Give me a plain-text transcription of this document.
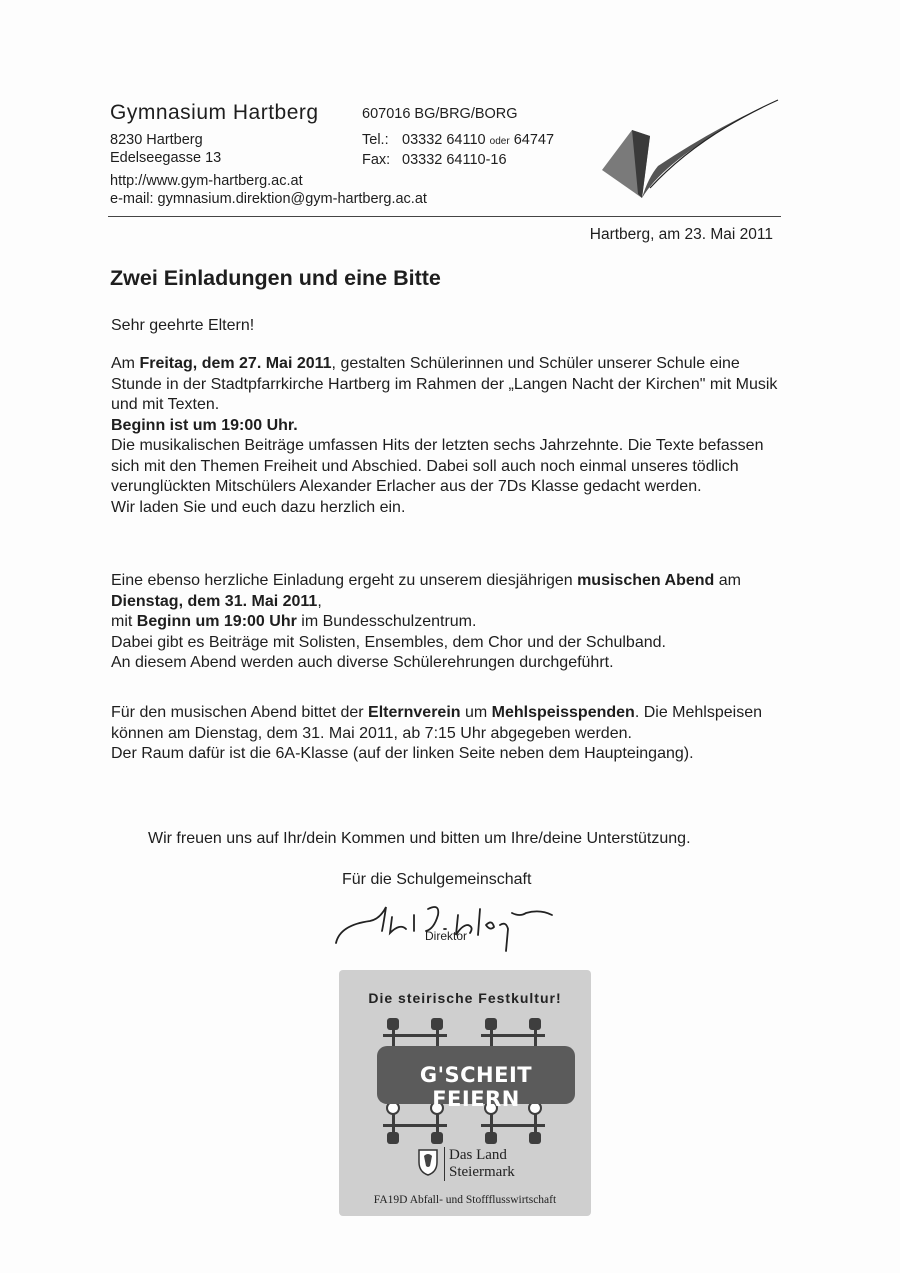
Gymnasium Hartberg
8230 Hartberg
Edelseegasse 13
http://www.gym-hartberg.ac.at
e-mail: gymnasium.direktion@gym-hartberg.ac.at
607016 BG/BRG/BORG
Tel.: 03332 64110 oder 64747
Fax: 03332 64110-16
Hartberg, am 23. Mai 2011
Zwei Einladungen und eine Bitte
Sehr geehrte Eltern!

Am Freitag, dem 27. Mai 2011, gestalten Schülerinnen und Schüler unserer Schule eine Stunde in der Stadtpfarrkirche Hartberg im Rahmen der „Langen Nacht der Kirchen" mit Musik und mit Texten.

Beginn ist um 19:00 Uhr.

Die musikalischen Beiträge umfassen Hits der letzten sechs Jahrzehnte. Die Texte befassen sich mit den Themen Freiheit und Abschied. Dabei soll auch noch einmal unseres tödlich verunglückten Mitschülers Alexander Erlacher aus der 7Ds Klasse gedacht werden.

Wir laden Sie und euch dazu herzlich ein.

Eine ebenso herzliche Einladung ergeht zu unserem diesjährigen musischen Abend am Dienstag, dem 31. Mai 2011,

mit Beginn um 19:00 Uhr im Bundesschulzentrum.

Dabei gibt es Beiträge mit Solisten, Ensembles, dem Chor und der Schulband.

An diesem Abend werden auch diverse Schülerehrungen durchgeführt.

Für den musischen Abend bittet der Elternverein um Mehlspeisspenden. Die Mehlspeisen können am Dienstag, dem 31. Mai 2011, ab 7:15 Uhr abgegeben werden.

Der Raum dafür ist die 6A-Klasse (auf der linken Seite neben dem Haupteingang).

Wir freuen uns auf Ihr/dein Kommen und bitten um Ihre/deine Unterstützung.
Für die Schulgemeinschaft
Direktor
Die steirische Festkultur!
G'SCHEIT FEIERN
Das Land
Steiermark
FA19D Abfall- und Stoffflusswirtschaft
